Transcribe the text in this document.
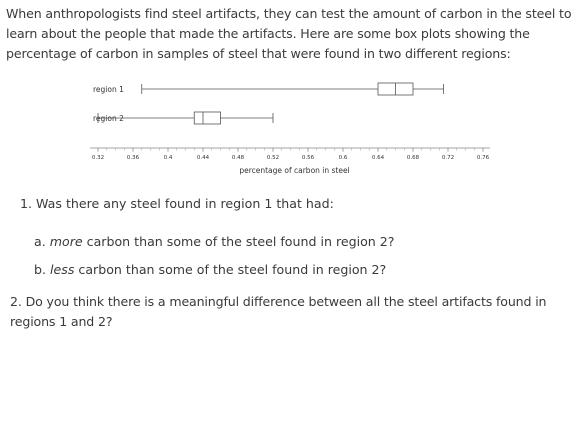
When anthropologists find steel artifacts, they can test the amount of carbon in the steel to learn about the people that made the artifacts. Here are some box plots showing the percentage of carbon in samples of steel that were found in two different regions:

region 1
region 2
0.32	0.36	0.4	0.44	0.48	0.52	0.56	0.6	0.64	0.68	0.72	0.76
percentage of carbon in steel

1. Was there any steel found in region 1 that had:

a. more carbon than some of the steel found in region 2?

b. less carbon than some of the steel found in region 2?

2. Do you think there is a meaningful difference between all the steel artifacts found in regions 1 and 2?
